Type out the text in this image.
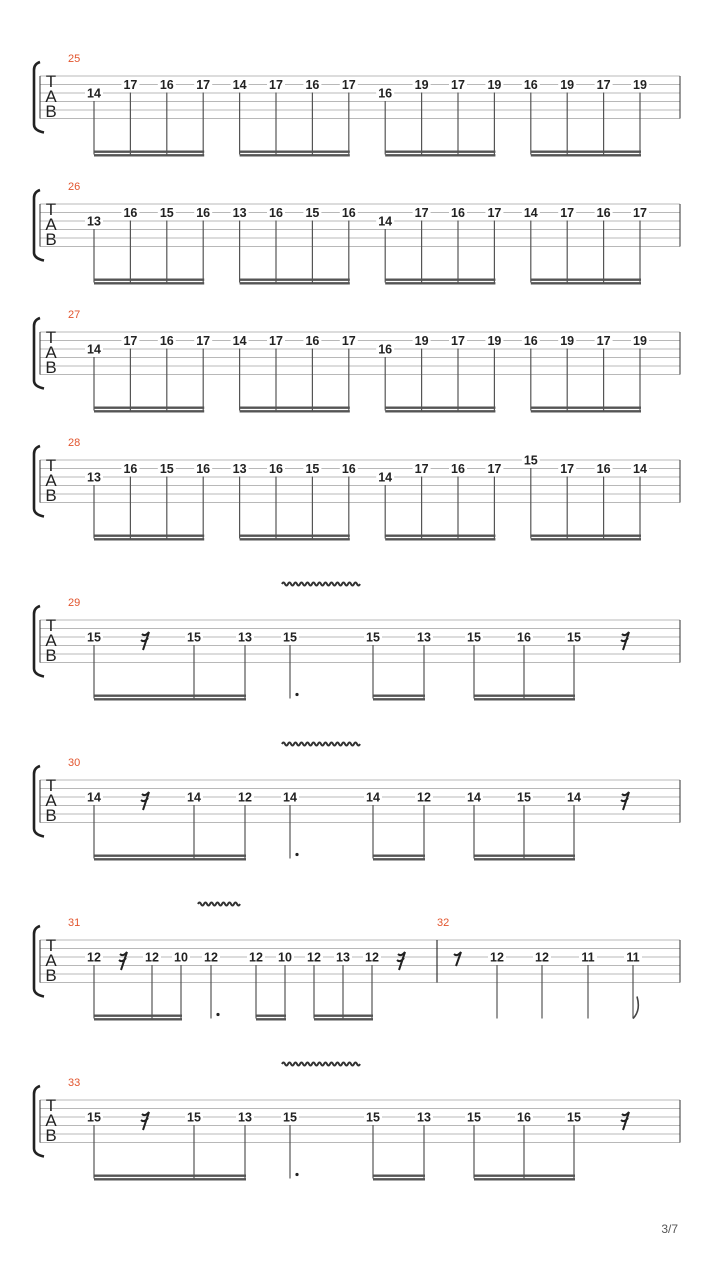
T
A
B
25
14
17 16 17 14 17 16 17
16
19 17 19 16 19 17 19
T
A
B
26
13
16 15 16 13 16 15 16
14
17 16 17 14 17 16 17
T
A
B
27
14
17 16 17 14 17 16 17
16
19 17 19 16 19 17 19
T
A
B
28
13
16 15 16 13 16 15 16
14
17 16 17
15
17 16 14
T
A
B
29
15	15	13 15	15	13	15	16	15
T
A
B
30
14	14	12 14	14	12	14	15	14
T
A
B
31
12	12 10 12 12 10 12 13 12
32
12 12	11	11
T
A
B
33
15	15	13 15	15	13	15	16	15
3/7
